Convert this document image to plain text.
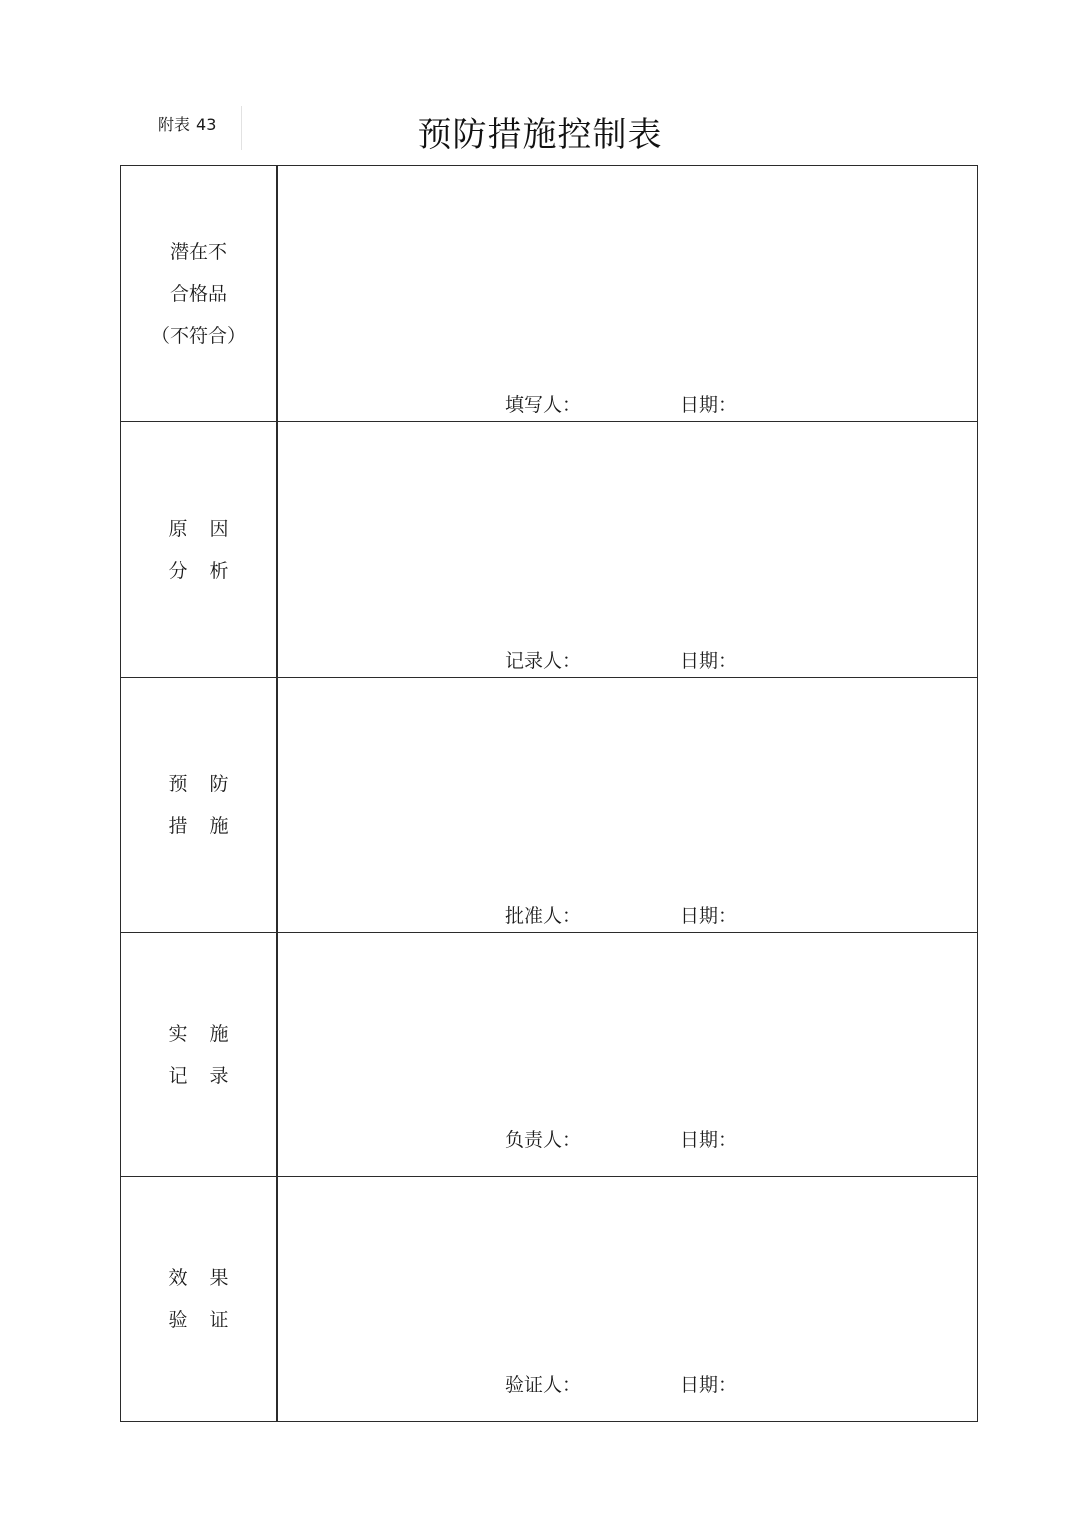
附表 43	预防措施控制表
潜在不
合格品
（不符合）
填写人：	日期：
原因
分析
记录人：	日期：
预防
措施
批准人：	日期：
实施
记录
负责人：	日期：
效果
验证
验证人：	日期：
